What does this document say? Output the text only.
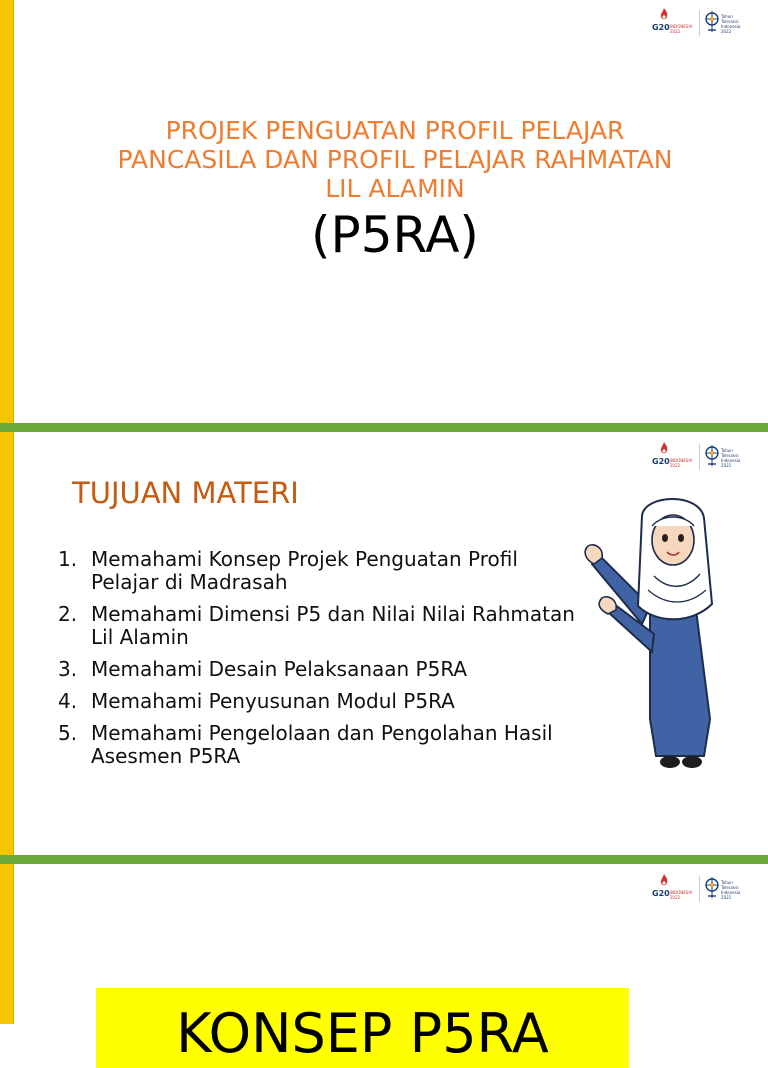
G20 INDONESIA 2022
Tahun Toleransi Indonesia 2022
PROJEK PENGUATAN PROFIL PELAJAR
PANCASILA DAN PROFIL PELAJAR RAHMATAN
LIL ALAMIN
(P5RA)
G20 INDONESIA 2022
Tahun Toleransi Indonesia 2022
TUJUAN MATERI
1. Memahami Konsep Projek Penguatan Profil Pelajar di Madrasah
2. Memahami Dimensi P5 dan Nilai Nilai Rahmatan Lil Alamin
3. Memahami Desain Pelaksanaan P5RA
4. Memahami Penyusunan Modul P5RA
5. Memahami Pengelolaan dan Pengolahan Hasil Asesmen P5RA
G20 INDONESIA 2022
Tahun Toleransi Indonesia 2022
KONSEP P5RA
